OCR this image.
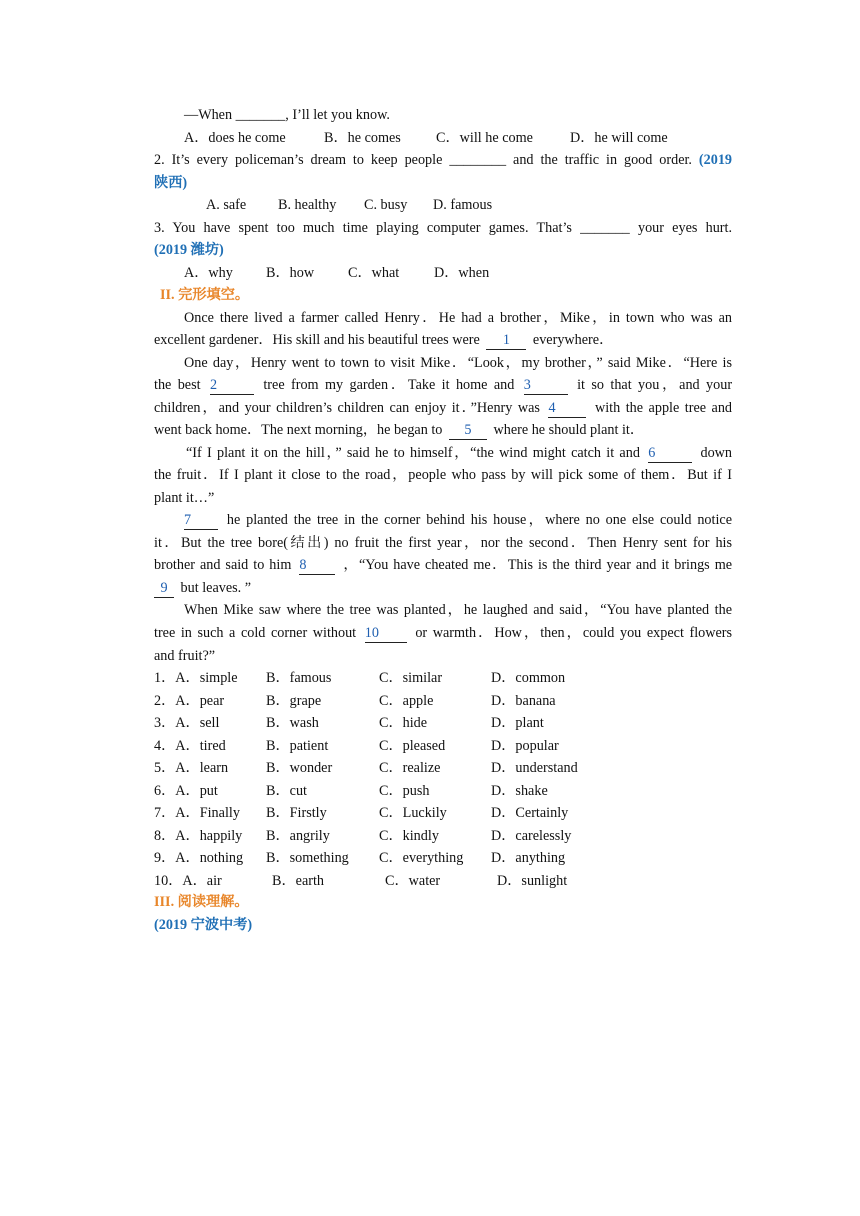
—When _______, I’ll let you know.
A．does he come	B．he comes C．will he come	D．he will come
2. It’s every policeman’s dream to keep people ________ and the traffic in good order. (2019
陕西)
A. safe B. healthy C. busy D. famous
3. You have spent too much time playing computer games. That’s _______ your eyes hurt.
(2019 潍坊)
A．why B．how C．what D．when
II. 完形填空。
Once there lived a farmer called Henry．He had a brother，Mike，in town who was an
excellent gardener．His skill and his beautiful trees were 1 everywhere．
One day，Henry went to town to visit Mike．“Look，my brother，” said Mike．“Here is
the best 2	tree from my garden．Take it home and 3	it so that you，and your
children，and your children’s children can enjoy it．”Henry was 4	with the apple tree and
went back home．The next morning，he began to 5 where he should plant it．
“If I plant it on the hill，” said he to himself，“the wind might catch it and 6	down
the fruit．If I plant it close to the road，people who pass by will pick some of them．But if I
plant it…”
7	he planted the tree in the corner behind his house，where no one else could notice
it．But the tree bore(结出) no fruit the first year，nor the second．Then Henry sent for his
brother and said to him 8	，“You have cheated me．This is the third year and it brings me
9 but leaves. ”
When Mike saw where the tree was planted，he laughed and said，“You have planted the
tree in such a cold corner without 10	or warmth．How，then，could you expect flowers
and fruit?”
1．A．simple B．famous	C．similar	D．common
2．A．pear	B．grape	C．apple	D．banana
3．A．sell	B．wash	C．hide	D．plant
4．A．tired	B．patient	C．pleased	D．popular
5．A．learn	B．wonder	C．realize	D．understand
6．A．put	B．cut	C．push	D．shake
7．A．Finally B．Firstly	C．Luckily	D．Certainly
8．A．happily B．angrily	C．kindly	D．carelessly
9．A．nothing B．something C．everything D．anything
10．A．air	B．earth	C．water	D．sunlight
III. 阅读理解。
(2019 宁波中考)
